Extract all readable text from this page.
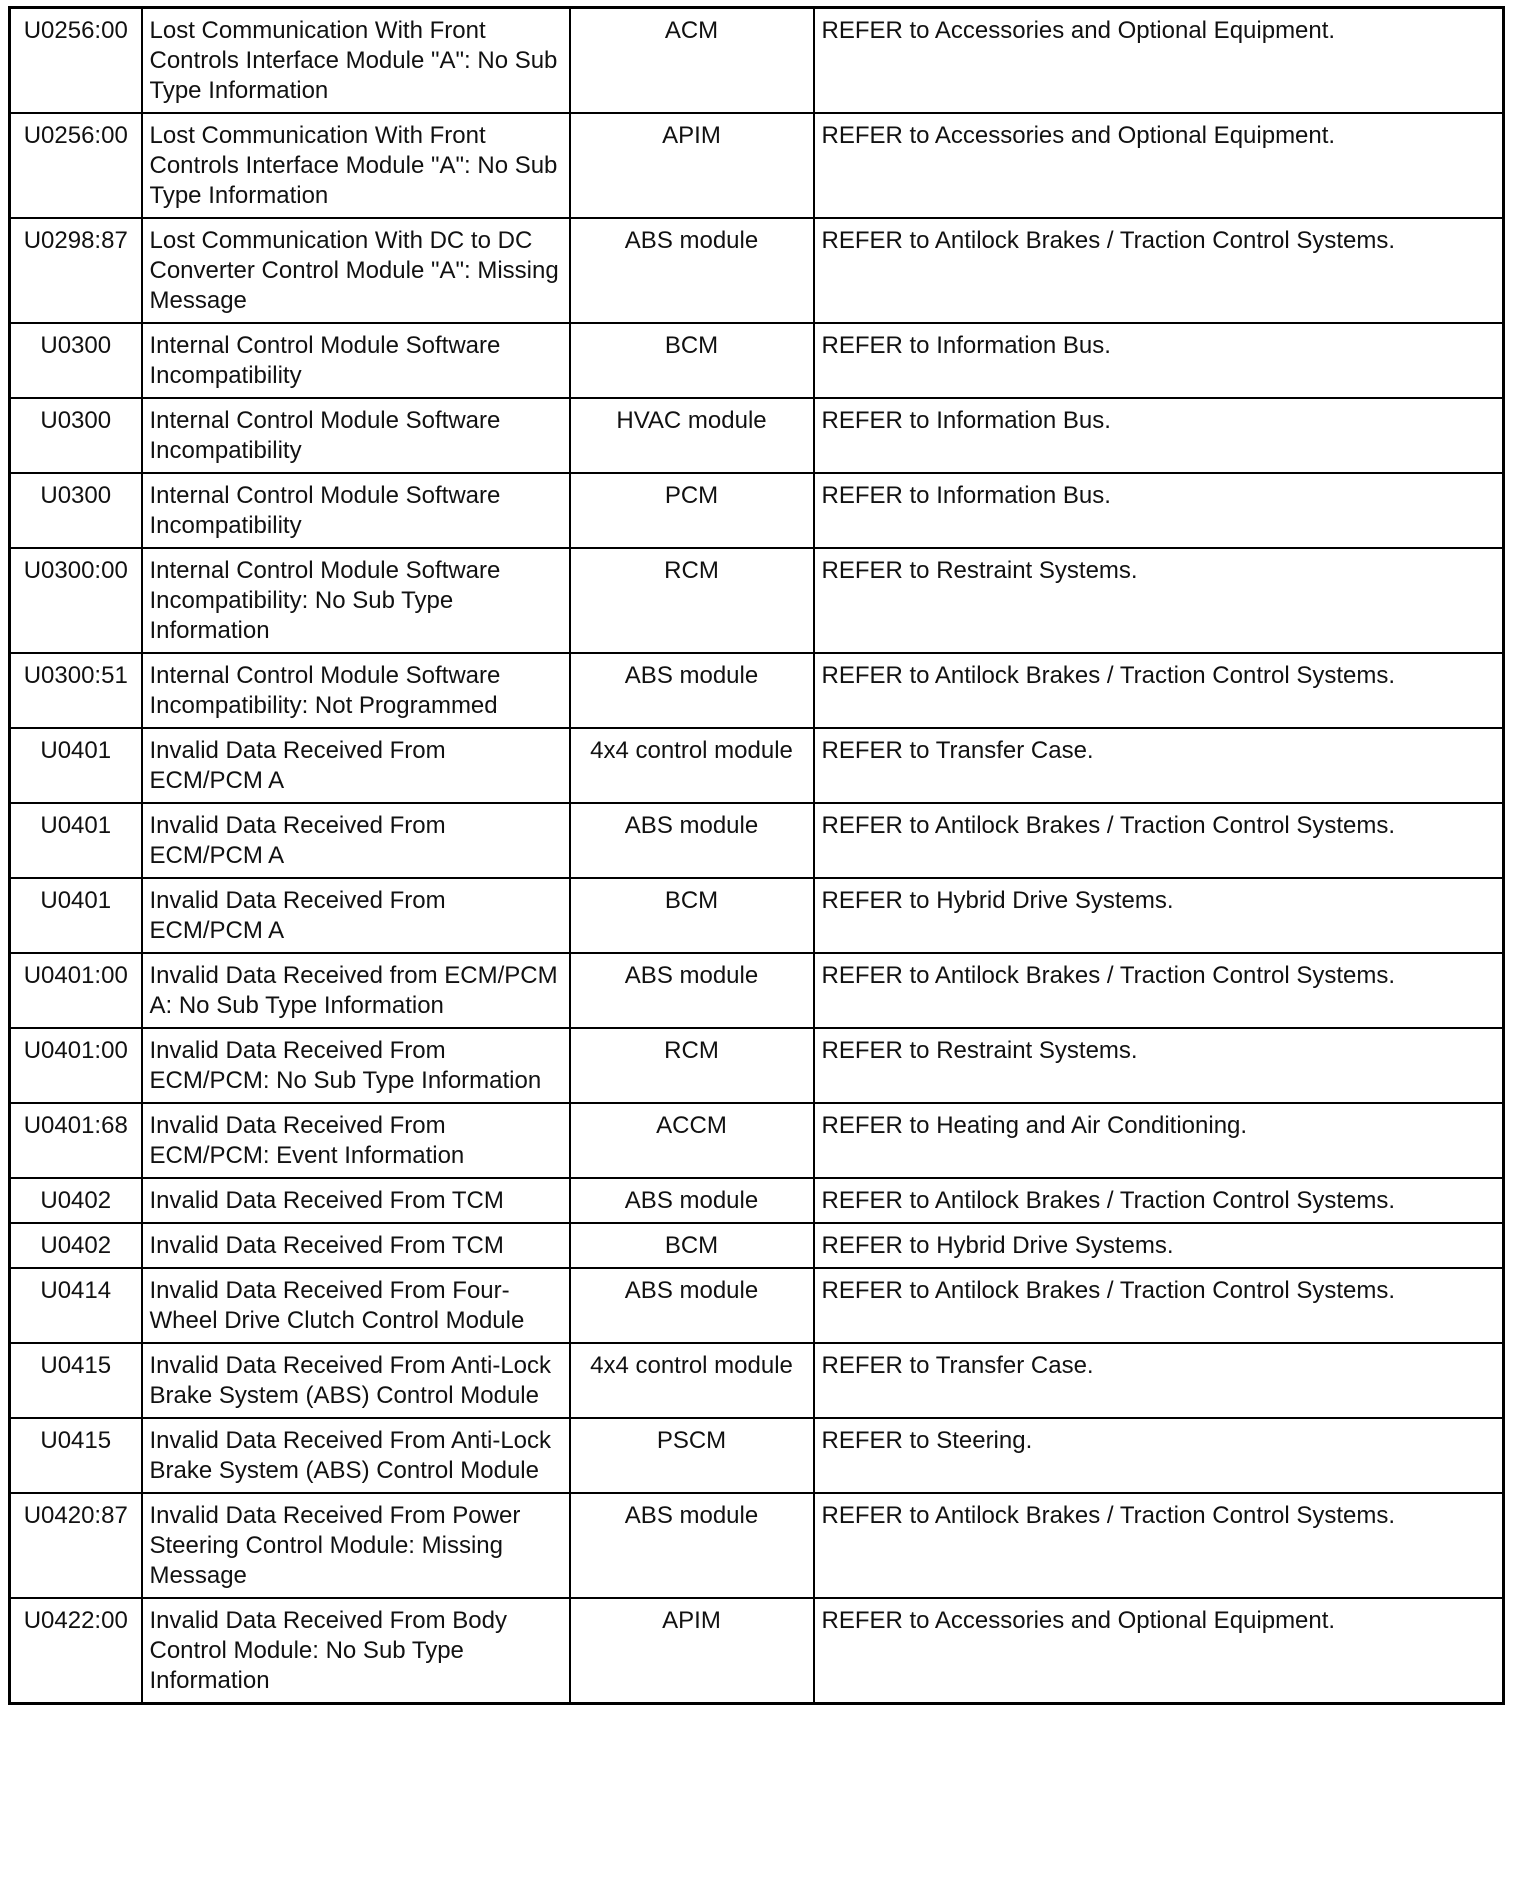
U0256:00	Lost Communication With Front Controls Interface Module "A": No Sub Type Information	ACM	REFER to Accessories and Optional Equipment.
U0256:00	Lost Communication With Front Controls Interface Module "A": No Sub Type Information	APIM	REFER to Accessories and Optional Equipment.
U0298:87	Lost Communication With DC to DC Converter Control Module "A": Missing Message	ABS module	REFER to Antilock Brakes / Traction Control Systems.
U0300	Internal Control Module Software Incompatibility	BCM	REFER to Information Bus.
U0300	Internal Control Module Software Incompatibility	HVAC module	REFER to Information Bus.
U0300	Internal Control Module Software Incompatibility	PCM	REFER to Information Bus.
U0300:00	Internal Control Module Software Incompatibility: No Sub Type Information	RCM	REFER to Restraint Systems.
U0300:51	Internal Control Module Software Incompatibility: Not Programmed	ABS module	REFER to Antilock Brakes / Traction Control Systems.
U0401	Invalid Data Received From ECM/PCM A	4x4 control module	REFER to Transfer Case.
U0401	Invalid Data Received From ECM/PCM A	ABS module	REFER to Antilock Brakes / Traction Control Systems.
U0401	Invalid Data Received From ECM/PCM A	BCM	REFER to Hybrid Drive Systems.
U0401:00	Invalid Data Received from ECM/PCM A: No Sub Type Information	ABS module	REFER to Antilock Brakes / Traction Control Systems.
U0401:00	Invalid Data Received From ECM/PCM: No Sub Type Information	RCM	REFER to Restraint Systems.
U0401:68	Invalid Data Received From ECM/PCM: Event Information	ACCM	REFER to Heating and Air Conditioning.
U0402	Invalid Data Received From TCM	ABS module	REFER to Antilock Brakes / Traction Control Systems.
U0402	Invalid Data Received From TCM	BCM	REFER to Hybrid Drive Systems.
U0414	Invalid Data Received From Four-Wheel Drive Clutch Control Module	ABS module	REFER to Antilock Brakes / Traction Control Systems.
U0415	Invalid Data Received From Anti-Lock Brake System (ABS) Control Module	4x4 control module	REFER to Transfer Case.
U0415	Invalid Data Received From Anti-Lock Brake System (ABS) Control Module	PSCM	REFER to Steering.
U0420:87	Invalid Data Received From Power Steering Control Module: Missing Message	ABS module	REFER to Antilock Brakes / Traction Control Systems.
U0422:00	Invalid Data Received From Body Control Module: No Sub Type Information	APIM	REFER to Accessories and Optional Equipment.
